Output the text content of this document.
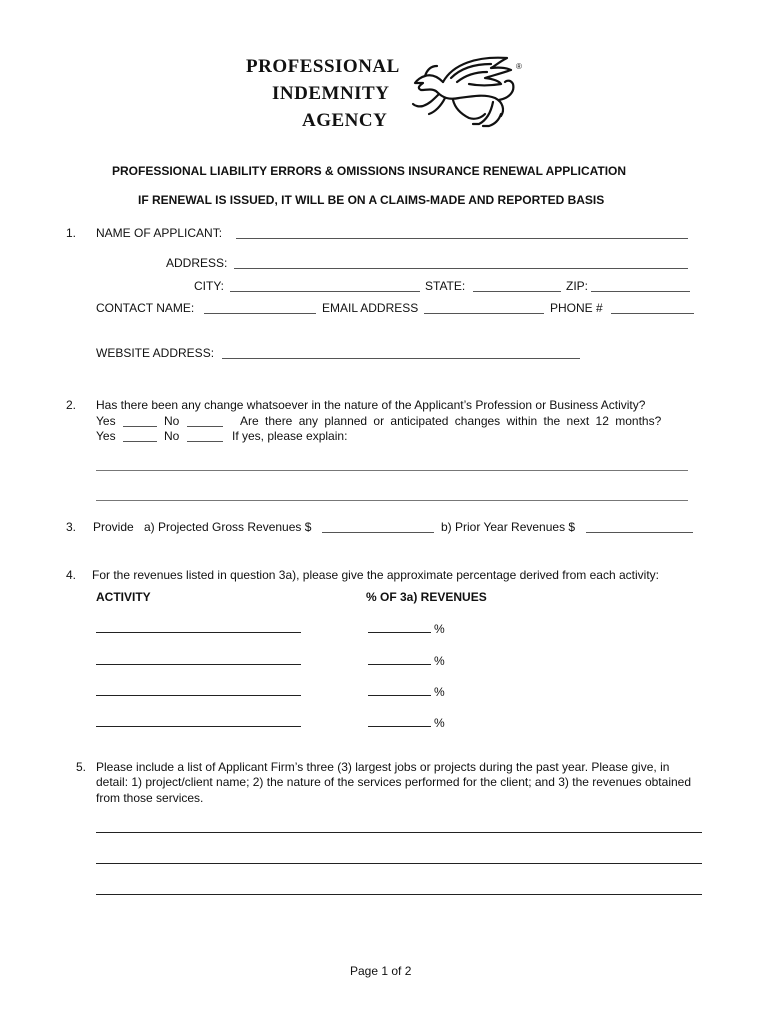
PROFESSIONAL
INDEMNITY
AGENCY
®
PROFESSIONAL LIABILITY ERRORS & OMISSIONS INSURANCE RENEWAL APPLICATION
IF RENEWAL IS ISSUED, IT WILL BE ON A CLAIMS-MADE AND REPORTED BASIS
1. NAME OF APPLICANT:
ADDRESS:
CITY:	STATE:	ZIP:
CONTACT NAME:	EMAIL ADDRESS	PHONE #
WEBSITE ADDRESS:
2. Has there been any change whatsoever in the nature of the Applicant’s Profession or Business Activity?
Yes	No	Are there any planned or anticipated changes within the next 12 months?
Yes	No	If yes, please explain:
3. Provide a) Projected Gross Revenues $	b) Prior Year Revenues $
4. For the revenues listed in question 3a), please give the approximate percentage derived from each activity:
ACTIVITY	% OF 3a) REVENUES
%
%
%
%
5. Please include a list of Applicant Firm’s three (3) largest jobs or projects during the past year. Please give, in
detail: 1) project/client name; 2) the nature of the services performed for the client; and 3) the revenues obtained
from those services.
Page 1 of 2
